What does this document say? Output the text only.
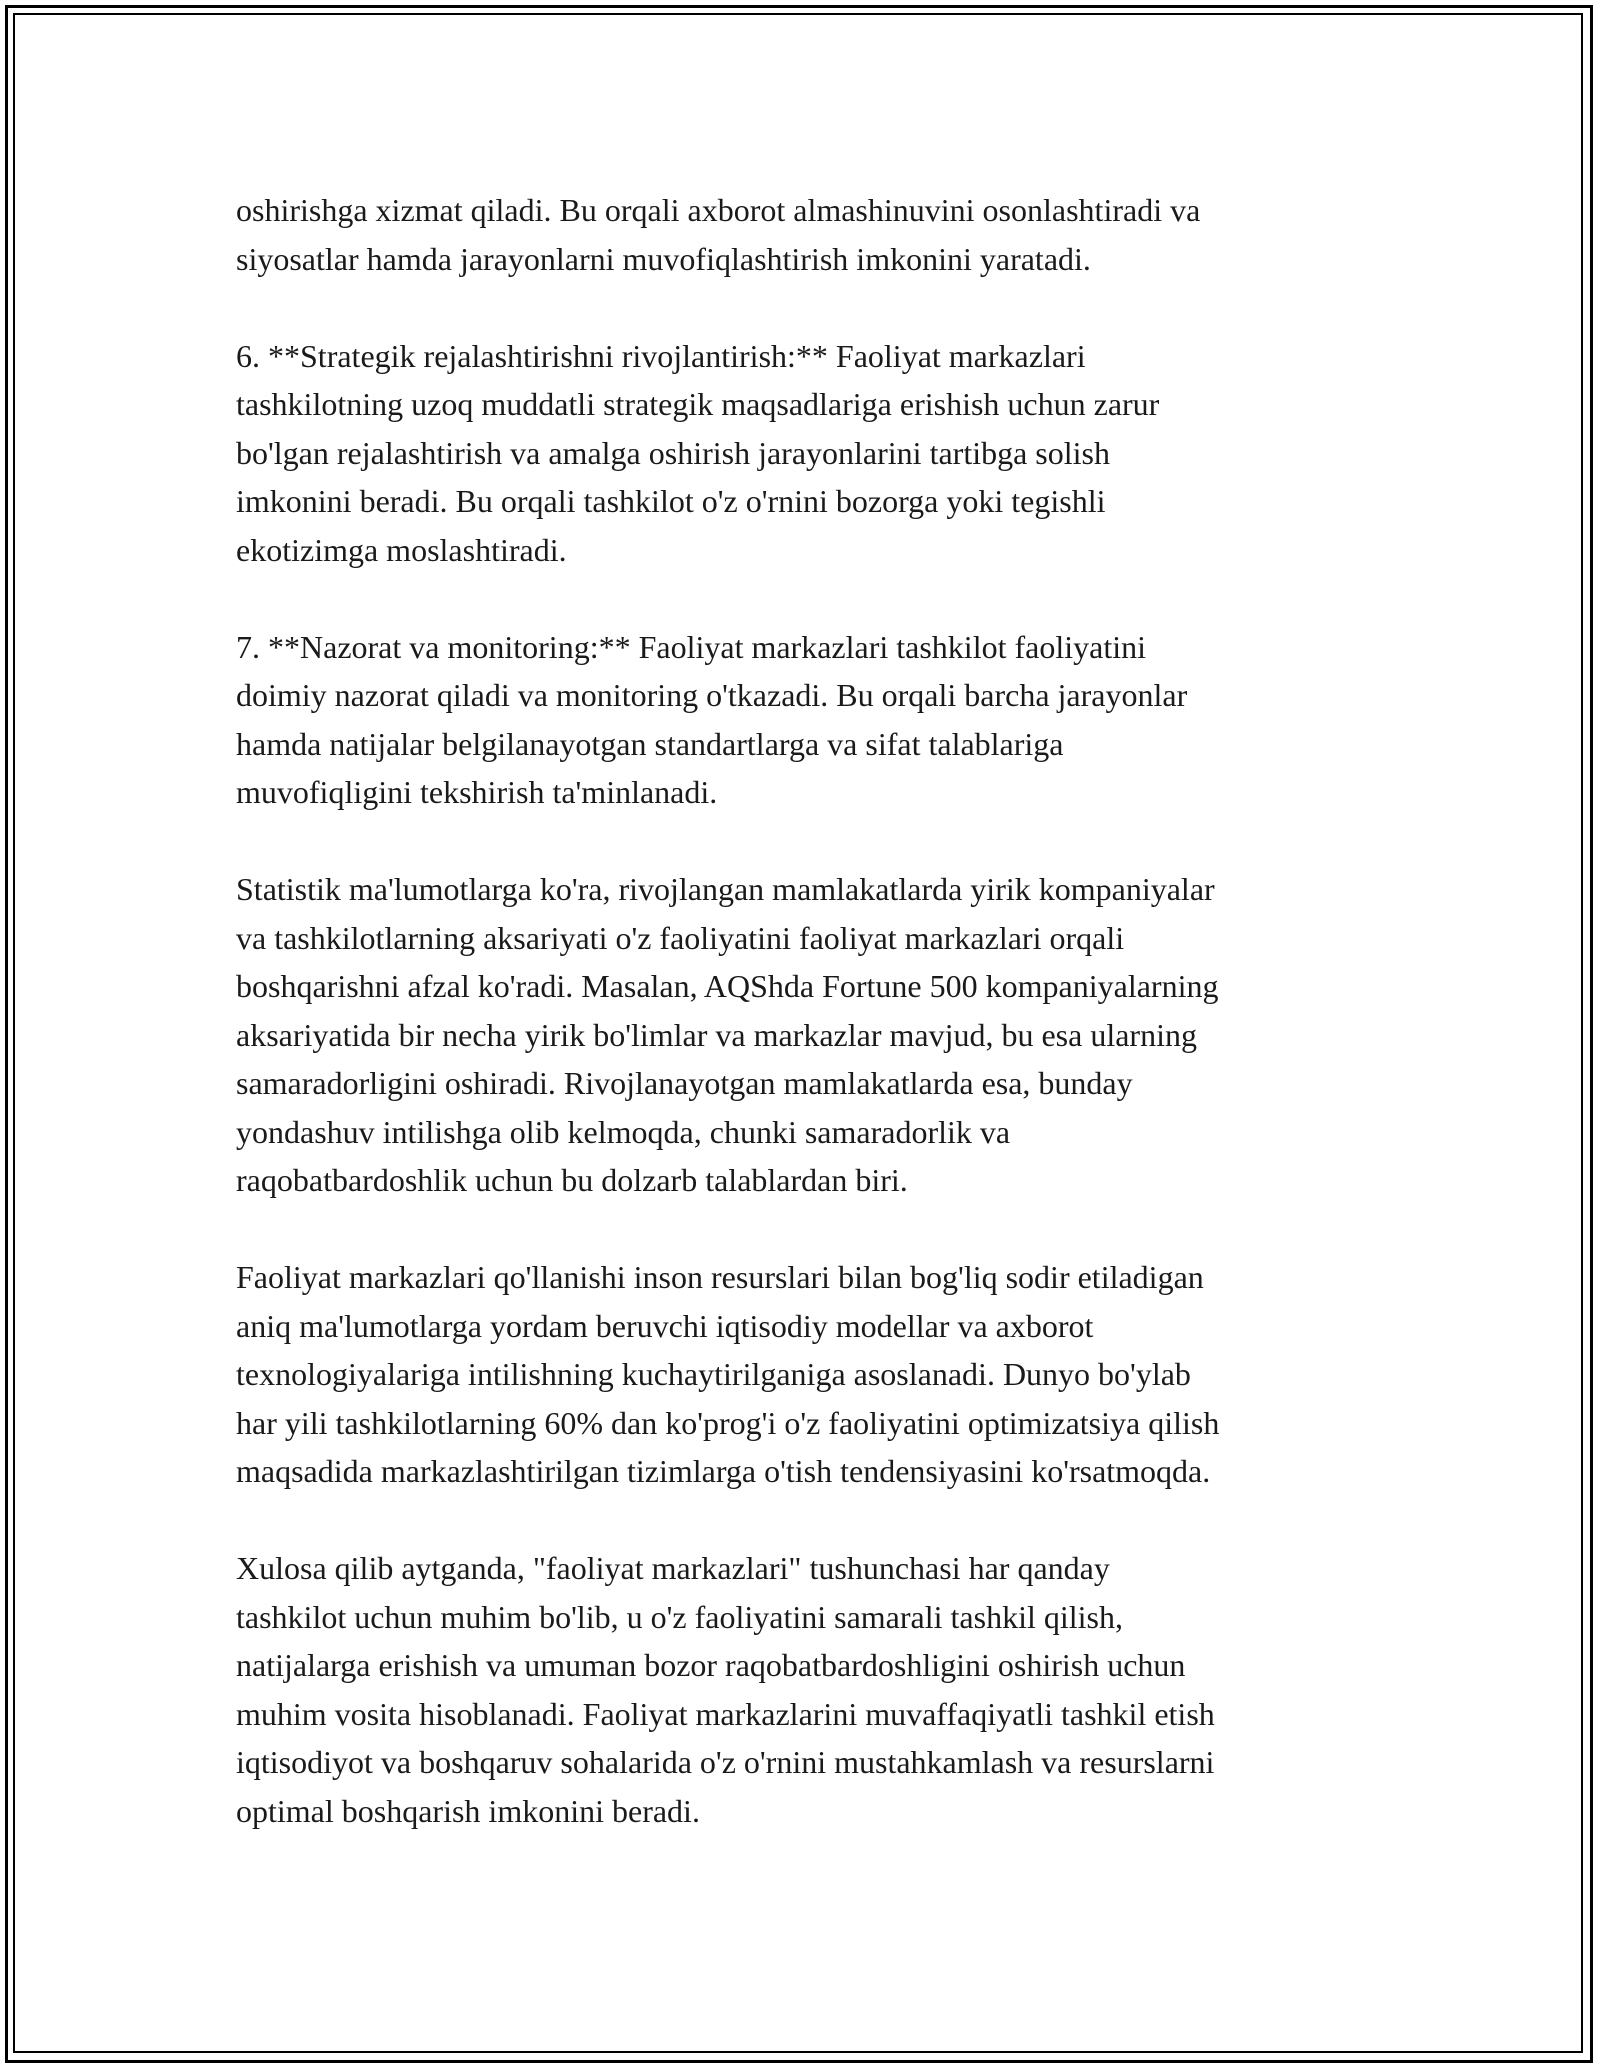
oshirishga xizmat qiladi. Bu orqali axborot almashinuvini osonlashtiradi va
siyosatlar hamda jarayonlarni muvofiqlashtirish imkonini yaratadi.

6. **Strategik rejalashtirishni rivojlantirish:** Faoliyat markazlari
tashkilotning uzoq muddatli strategik maqsadlariga erishish uchun zarur
bo'lgan rejalashtirish va amalga oshirish jarayonlarini tartibga solish
imkonini beradi. Bu orqali tashkilot o'z o'rnini bozorga yoki tegishli
ekotizimga moslashtiradi.

7. **Nazorat va monitoring:** Faoliyat markazlari tashkilot faoliyatini
doimiy nazorat qiladi va monitoring o'tkazadi. Bu orqali barcha jarayonlar
hamda natijalar belgilanayotgan standartlarga va sifat talablariga
muvofiqligini tekshirish ta'minlanadi.

Statistik ma'lumotlarga ko'ra, rivojlangan mamlakatlarda yirik kompaniyalar
va tashkilotlarning aksariyati o'z faoliyatini faoliyat markazlari orqali
boshqarishni afzal ko'radi. Masalan, AQShda Fortune 500 kompaniyalarning
aksariyatida bir necha yirik bo'limlar va markazlar mavjud, bu esa ularning
samaradorligini oshiradi. Rivojlanayotgan mamlakatlarda esa, bunday
yondashuv intilishga olib kelmoqda, chunki samaradorlik va
raqobatbardoshlik uchun bu dolzarb talablardan biri.

Faoliyat markazlari qo'llanishi inson resurslari bilan bog'liq sodir etiladigan
aniq ma'lumotlarga yordam beruvchi iqtisodiy modellar va axborot
texnologiyalariga intilishning kuchaytirilganiga asoslanadi. Dunyo bo'ylab
har yili tashkilotlarning 60% dan ko'prog'i o'z faoliyatini optimizatsiya qilish
maqsadida markazlashtirilgan tizimlarga o'tish tendensiyasini ko'rsatmoqda.

Xulosa qilib aytganda, "faoliyat markazlari" tushunchasi har qanday
tashkilot uchun muhim bo'lib, u o'z faoliyatini samarali tashkil qilish,
natijalarga erishish va umuman bozor raqobatbardoshligini oshirish uchun
muhim vosita hisoblanadi. Faoliyat markazlarini muvaffaqiyatli tashkil etish
iqtisodiyot va boshqaruv sohalarida o'z o'rnini mustahkamlash va resurslarni
optimal boshqarish imkonini beradi.
